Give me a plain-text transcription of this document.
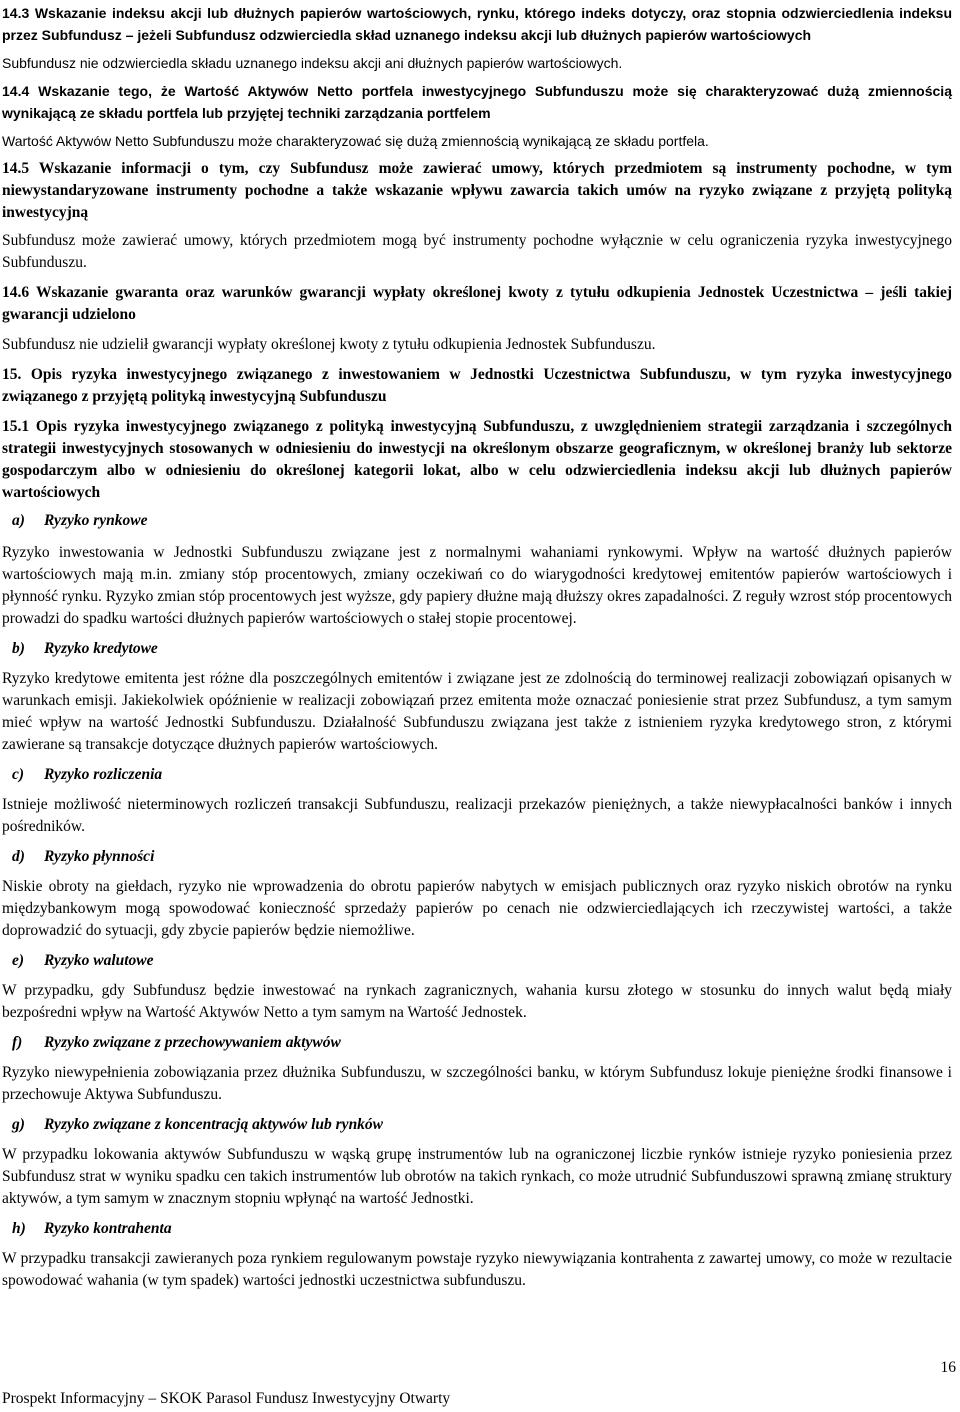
14.3 Wskazanie indeksu akcji lub dłużnych papierów wartościowych, rynku, którego indeks dotyczy, oraz stopnia odzwierciedlenia indeksu przez Subfundusz – jeżeli Subfundusz odzwierciedla skład uznanego indeksu akcji lub dłużnych papierów wartościowych

Subfundusz nie odzwierciedla składu uznanego indeksu akcji ani dłużnych papierów wartościowych.

14.4 Wskazanie tego, że Wartość Aktywów Netto portfela inwestycyjnego Subfunduszu może się charakteryzować dużą zmiennością wynikającą ze składu portfela lub przyjętej techniki zarządzania portfelem

Wartość Aktywów Netto Subfunduszu może charakteryzować się dużą zmiennością wynikającą ze składu portfela.

14.5 Wskazanie informacji o tym, czy Subfundusz może zawierać umowy, których przedmiotem są instrumenty pochodne, w tym niewystandaryzowane instrumenty pochodne a także wskazanie wpływu zawarcia takich umów na ryzyko związane z przyjętą polityką inwestycyjną

Subfundusz może zawierać umowy, których przedmiotem mogą być instrumenty pochodne wyłącznie w celu ograniczenia ryzyka inwestycyjnego Subfunduszu.

14.6 Wskazanie gwaranta oraz warunków gwarancji wypłaty określonej kwoty z tytułu odkupienia Jednostek Uczestnictwa – jeśli takiej gwarancji udzielono

Subfundusz nie udzielił gwarancji wypłaty określonej kwoty z tytułu odkupienia Jednostek Subfunduszu.

15. Opis ryzyka inwestycyjnego związanego z inwestowaniem w Jednostki Uczestnictwa Subfunduszu, w tym ryzyka inwestycyjnego związanego z przyjętą polityką inwestycyjną Subfunduszu

15.1 Opis ryzyka inwestycyjnego związanego z polityką inwestycyjną Subfunduszu, z uwzględnieniem strategii zarządzania i szczególnych strategii inwestycyjnych stosowanych w odniesieniu do inwestycji na określonym obszarze geograficznym, w określonej branży lub sektorze gospodarczym albo w odniesieniu do określonej kategorii lokat, albo w celu odzwierciedlenia indeksu akcji lub dłużnych papierów wartościowych

a) Ryzyko rynkowe

Ryzyko inwestowania w Jednostki Subfunduszu związane jest z normalnymi wahaniami rynkowymi. Wpływ na wartość dłużnych papierów wartościowych mają m.in. zmiany stóp procentowych, zmiany oczekiwań co do wiarygodności kredytowej emitentów papierów wartościowych i płynność rynku. Ryzyko zmian stóp procentowych jest wyższe, gdy papiery dłużne mają dłuższy okres zapadalności. Z reguły wzrost stóp procentowych prowadzi do spadku wartości dłużnych papierów wartościowych o stałej stopie procentowej.

b) Ryzyko kredytowe

Ryzyko kredytowe emitenta jest różne dla poszczególnych emitentów i związane jest ze zdolnością do terminowej realizacji zobowiązań opisanych w warunkach emisji. Jakiekolwiek opóźnienie w realizacji zobowiązań przez emitenta może oznaczać poniesienie strat przez Subfundusz, a tym samym mieć wpływ na wartość Jednostki Subfunduszu. Działalność Subfunduszu związana jest także z istnieniem ryzyka kredytowego stron, z którymi zawierane są transakcje dotyczące dłużnych papierów wartościowych.

c) Ryzyko rozliczenia

Istnieje możliwość nieterminowych rozliczeń transakcji Subfunduszu, realizacji przekazów pieniężnych, a także niewypłacalności banków i innych pośredników.

d) Ryzyko płynności

Niskie obroty na giełdach, ryzyko nie wprowadzenia do obrotu papierów nabytych w emisjach publicznych oraz ryzyko niskich obrotów na rynku międzybankowym mogą spowodować konieczność sprzedaży papierów po cenach nie odzwierciedlających ich rzeczywistej wartości, a także doprowadzić do sytuacji, gdy zbycie papierów będzie niemożliwe.

e) Ryzyko walutowe

W przypadku, gdy Subfundusz będzie inwestować na rynkach zagranicznych, wahania kursu złotego w stosunku do innych walut będą miały bezpośredni wpływ na Wartość Aktywów Netto a tym samym na Wartość Jednostek.

f) Ryzyko związane z przechowywaniem aktywów

Ryzyko niewypełnienia zobowiązania przez dłużnika Subfunduszu, w szczególności banku, w którym Subfundusz lokuje pieniężne środki finansowe i przechowuje Aktywa Subfunduszu.

g) Ryzyko związane z koncentracją aktywów lub rynków

W przypadku lokowania aktywów Subfunduszu w wąską grupę instrumentów lub na ograniczonej liczbie rynków istnieje ryzyko poniesienia przez Subfundusz strat w wyniku spadku cen takich instrumentów lub obrotów na takich rynkach, co może utrudnić Subfunduszowi sprawną zmianę struktury aktywów, a tym samym w znacznym stopniu wpłynąć na wartość Jednostki.

h) Ryzyko kontrahenta

W przypadku transakcji zawieranych poza rynkiem regulowanym powstaje ryzyko niewywiązania kontrahenta z zawartej umowy, co może w rezultacie spowodować wahania (w tym spadek) wartości jednostki uczestnictwa subfunduszu.

16
Prospekt Informacyjny – SKOK Parasol Fundusz Inwestycyjny Otwarty
